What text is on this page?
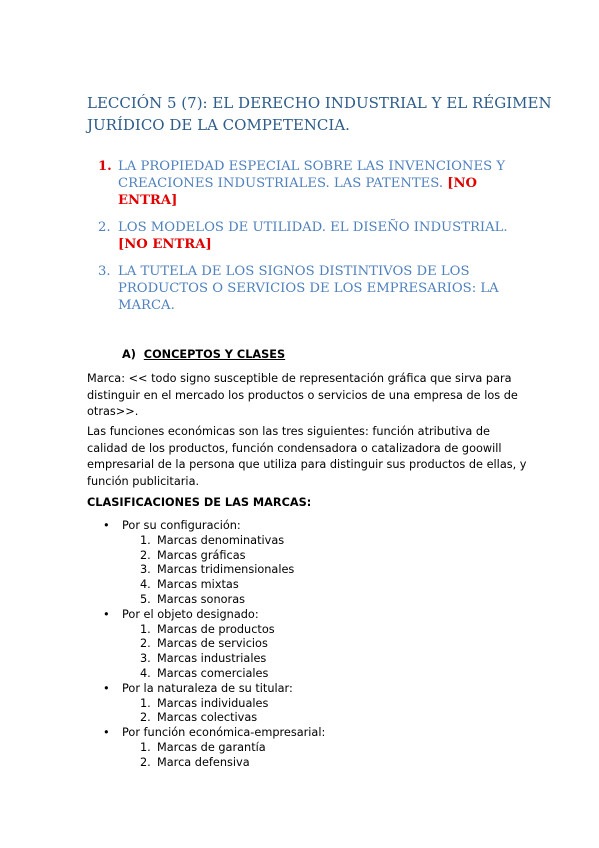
LECCIÓN 5 (7): EL DERECHO INDUSTRIAL Y EL RÉGIMEN JURÍDICO DE LA COMPETENCIA.
1. LA PROPIEDAD ESPECIAL SOBRE LAS INVENCIONES Y CREACIONES INDUSTRIALES. LAS PATENTES. [NO ENTRA]
2. LOS MODELOS DE UTILIDAD. EL DISEÑO INDUSTRIAL.[NO ENTRA]
3. LA TUTELA DE LOS SIGNOS DISTINTIVOS DE LOS PRODUCTOS O SERVICIOS DE LOS EMPRESARIOS: LA MARCA.
A) CONCEPTOS Y CLASES

Marca: << todo signo susceptible de representación gráfica que sirva para distinguir en el mercado los productos o servicios de una empresa de los de otras>>.

Las funciones económicas son las tres siguientes: función atributiva de calidad de los productos, función condensadora o catalizadora de goowill empresarial de la persona que utiliza para distinguir sus productos de ellas, y función publicitaria.

CLASIFICACIONES DE LAS MARCAS:
• Por su configuración:
1. Marcas denominativas
2. Marcas gráficas
3. Marcas tridimensionales
4. Marcas mixtas
5. Marcas sonoras
• Por el objeto designado:
1. Marcas de productos
2. Marcas de servicios
3. Marcas industriales
4. Marcas comerciales
• Por la naturaleza de su titular:
1. Marcas individuales
2. Marcas colectivas
• Por función económica-empresarial:
1. Marcas de garantía
2. Marca defensiva
